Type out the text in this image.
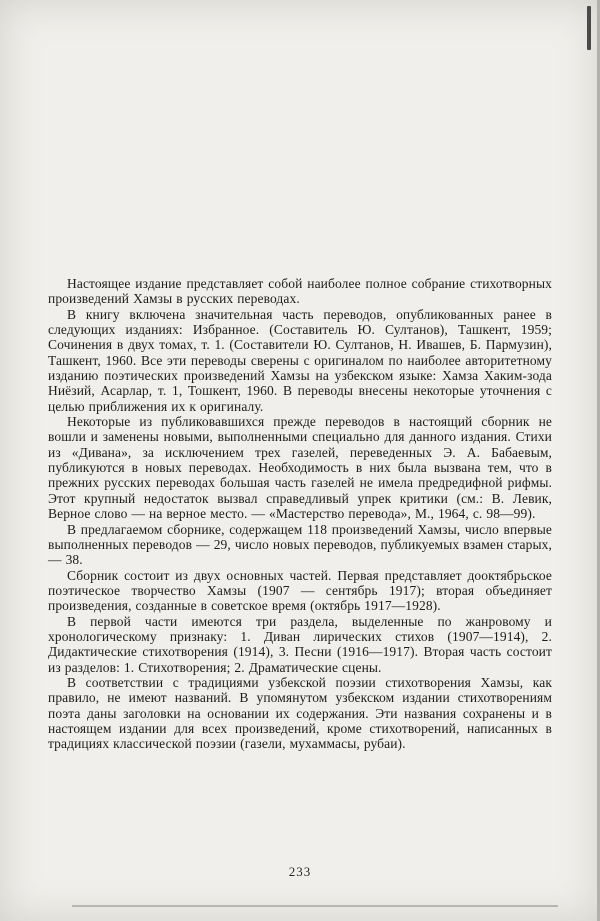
Настоящее издание представляет собой наиболее полное собрание стихотворных произведений Хамзы в русских переводах.

В книгу включена значительная часть переводов, опубликованных ранее в следующих изданиях: Избранное. (Составитель Ю. Султанов), Ташкент, 1959; Сочинения в двух томах, т. 1. (Составители Ю. Султанов, Н. Ивашев, Б. Пармузин), Ташкент, 1960. Все эти переводы сверены с оригиналом по наиболее авторитетному изданию поэтических произведений Хамзы на узбекском языке: Хамза Хаким-зода Ниёзий, Асарлар, т. 1, Тошкент, 1960. В переводы внесены некоторые уточнения с целью приближения их к оригиналу.

Некоторые из публиковавшихся прежде переводов в настоящий сборник не вошли и заменены новыми, выполненными специально для данного издания. Стихи из «Дивана», за исключением трех газелей, переведенных Э. А. Бабаевым, публикуются в новых переводах. Необходимость в них была вызвана тем, что в прежних русских переводах большая часть газелей не имела предредифной рифмы. Этот крупный недостаток вызвал справедливый упрек критики (см.: В. Левик, Верное слово — на верное место. — «Мастерство перевода», М., 1964, с. 98—99).

В предлагаемом сборнике, содержащем 118 произведений Хамзы, число впервые выполненных переводов — 29, число новых переводов, публикуемых взамен старых, — 38.

Сборник состоит из двух основных частей. Первая представляет дооктябрьское поэтическое творчество Хамзы (1907 — сентябрь 1917); вторая объединяет произведения, созданные в советское время (октябрь 1917—1928).

В первой части имеются три раздела, выделенные по жанровому и хронологическому признаку: 1. Диван лирических стихов (1907—1914), 2. Дидактические стихотворения (1914), 3. Песни (1916—1917). Вторая часть состоит из разделов: 1. Стихотворения; 2. Драматические сцены.

В соответствии с традициями узбекской поэзии стихотворения Хамзы, как правило, не имеют названий. В упомянутом узбекском издании стихотворениям поэта даны заголовки на основании их содержания. Эти названия сохранены и в настоящем издании для всех произведений, кроме стихотворений, написанных в традициях классической поэзии (газели, мухаммасы, рубаи).

233
